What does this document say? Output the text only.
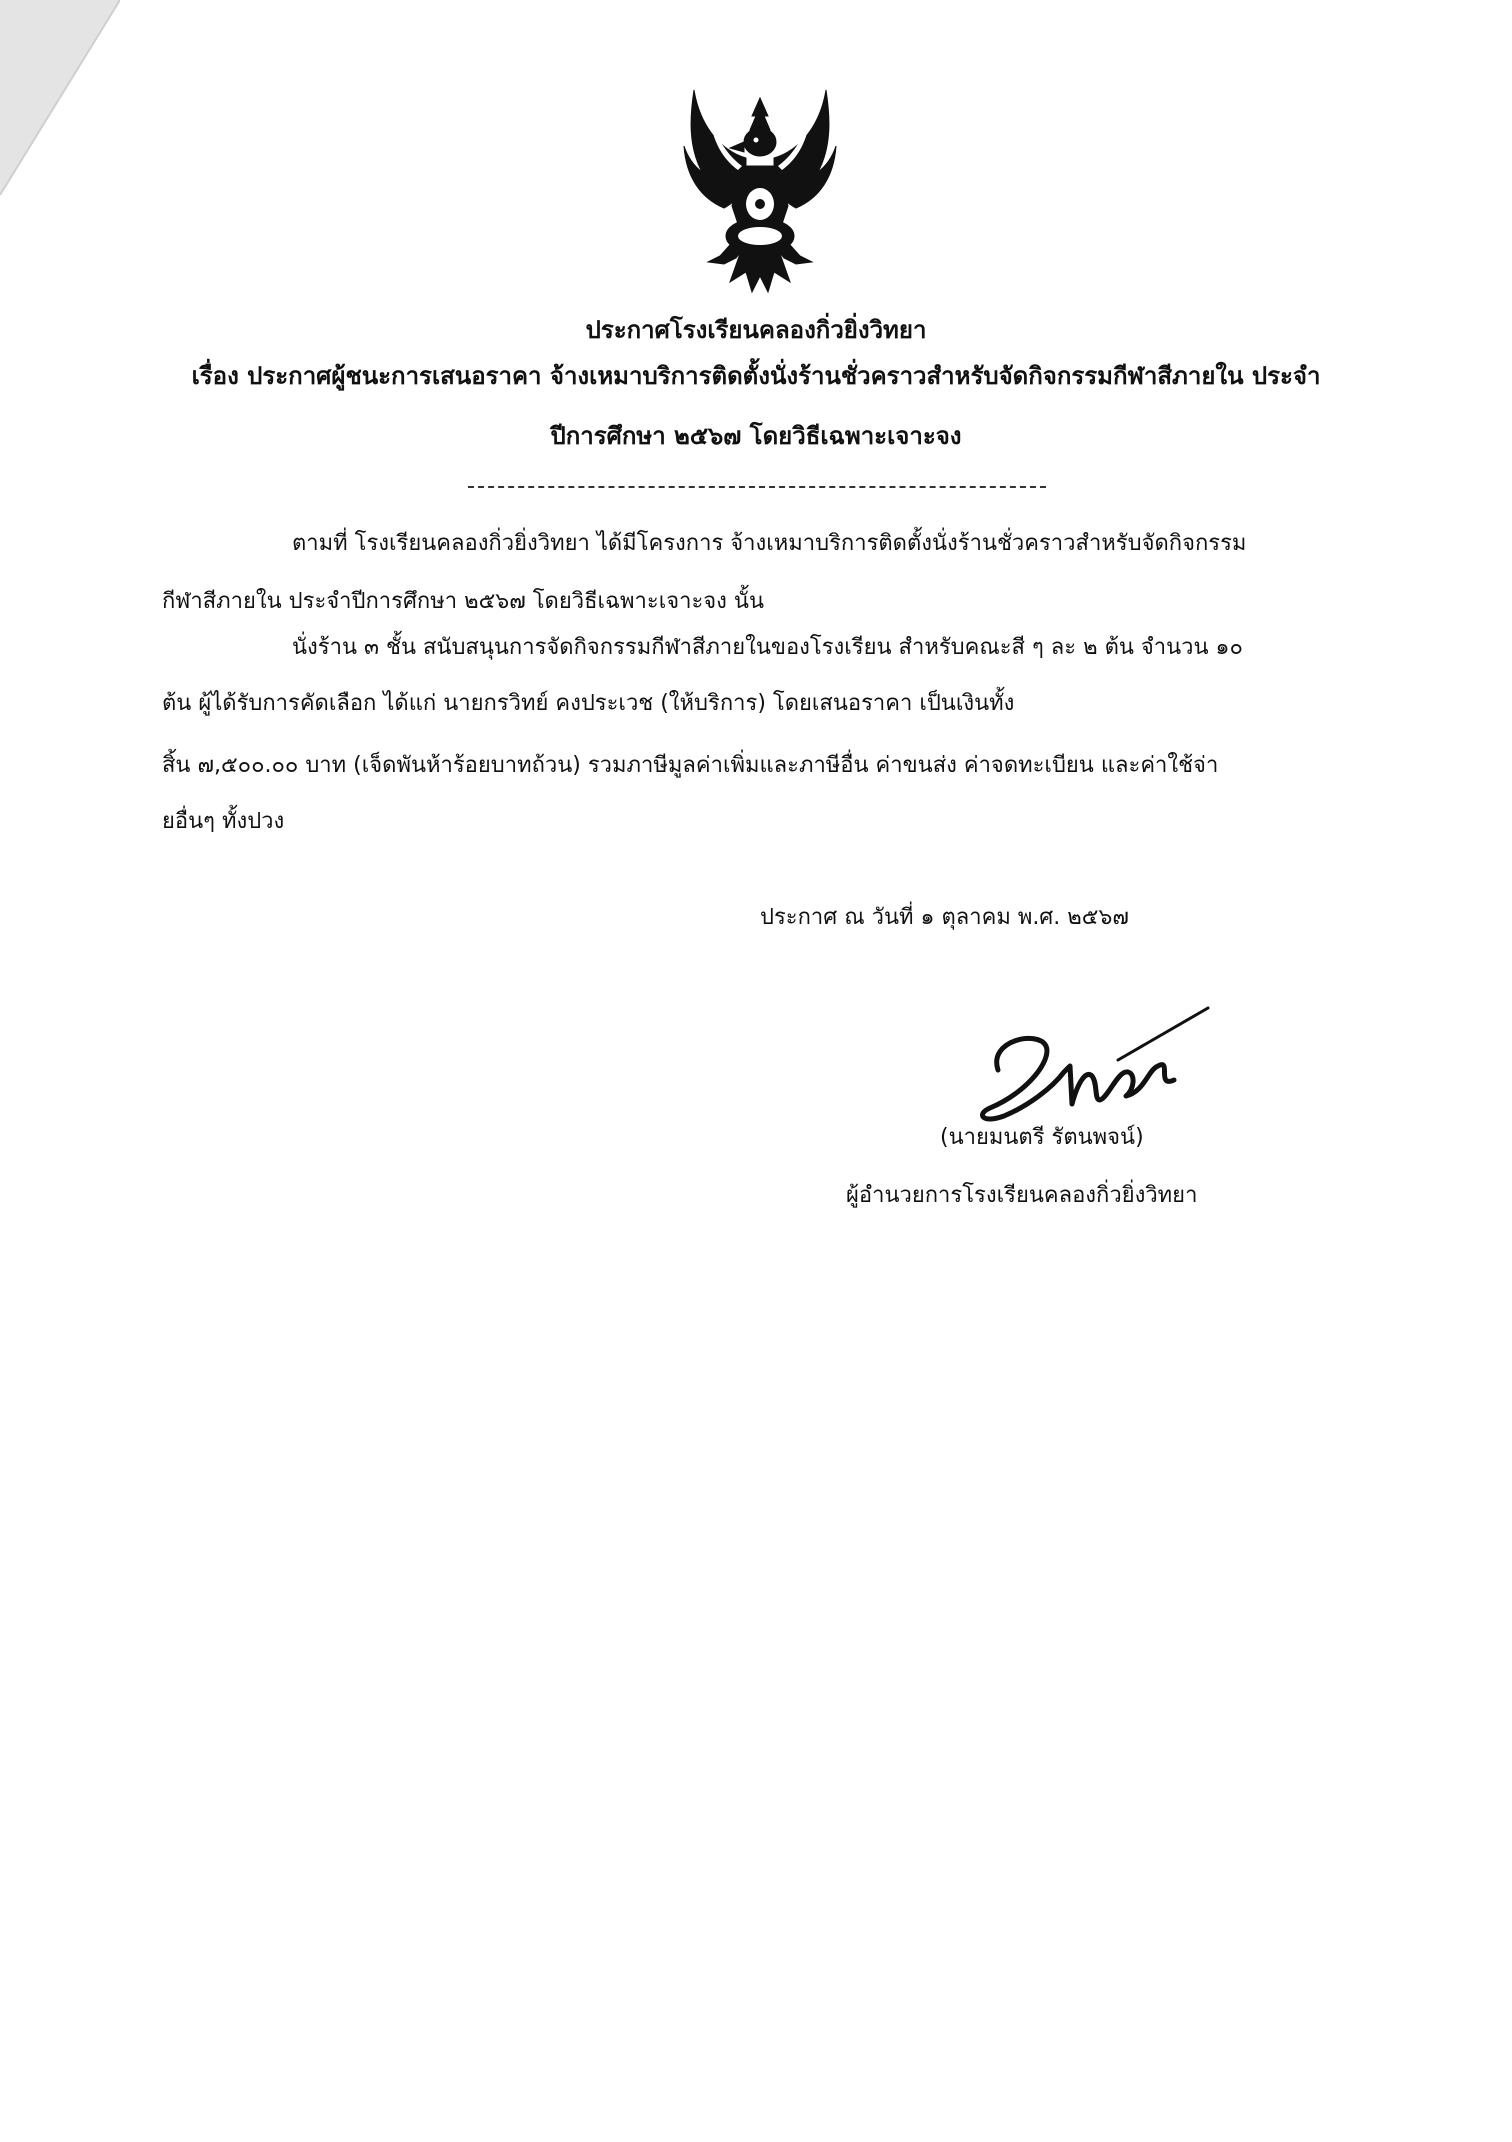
ประกาศโรงเรียนคลองกิ่วยิ่งวิทยา
เรื่อง ประกาศผู้ชนะการเสนอราคา จ้างเหมาบริการติดตั้งนั่งร้านชั่วคราวสำหรับจัดกิจกรรมกีฬาสีภายใน ประจำ
ปีการศึกษา ๒๕๖๗ โดยวิธีเฉพาะเจาะจง
ตามที่ โรงเรียนคลองกิ่วยิ่งวิทยา ได้มีโครงการ จ้างเหมาบริการติดตั้งนั่งร้านชั่วคราวสำหรับจัดกิจกรรม
กีฬาสีภายใน ประจำปีการศึกษา ๒๕๖๗ โดยวิธีเฉพาะเจาะจง นั้น
นั่งร้าน ๓ ชั้น สนับสนุนการจัดกิจกรรมกีฬาสีภายในของโรงเรียน สำหรับคณะสี ๆ ละ ๒ ต้น จำนวน ๑๐
ต้น ผู้ได้รับการคัดเลือก ได้แก่ นายกรวิทย์ คงประเวช (ให้บริการ) โดยเสนอราคา เป็นเงินทั้ง
สิ้น ๗,๕๐๐.๐๐ บาท (เจ็ดพันห้าร้อยบาทถ้วน) รวมภาษีมูลค่าเพิ่มและภาษีอื่น ค่าขนส่ง ค่าจดทะเบียน และค่าใช้จ่า
ยอื่นๆ ทั้งปวง
ประกาศ ณ วันที่ ๑ ตุลาคม พ.ศ. ๒๕๖๗
(นายมนตรี รัตนพจน์)
ผู้อำนวยการโรงเรียนคลองกิ่วยิ่งวิทยา
